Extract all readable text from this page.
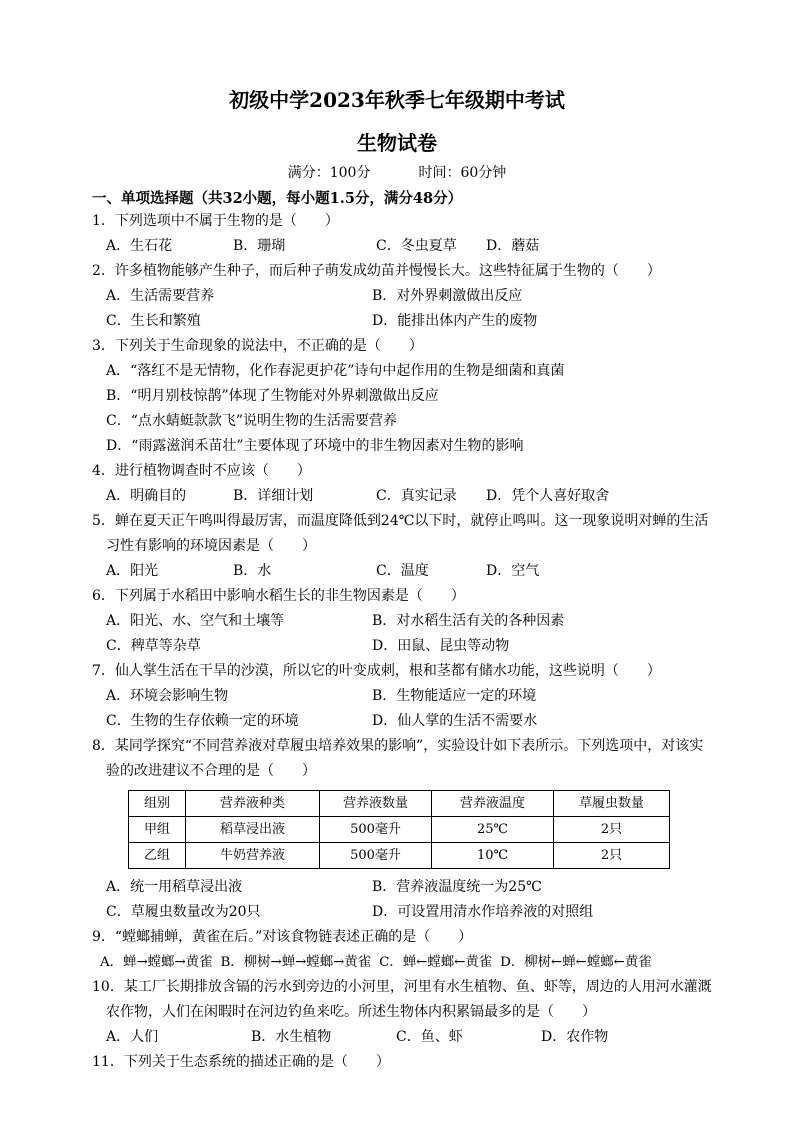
初级中学2023年秋季七年级期中考试
生物试卷
满分：100分	时间：60分钟
一、单项选择题（共32小题，每小题1.5分，满分48分）
1．下列选项中不属于生物的是（　　）
A．生石花	B．珊瑚	C．冬虫夏草	D．蘑菇
2．许多植物能够产生种子，而后种子萌发成幼苗并慢慢长大。这些特征属于生物的（　　）
A．生活需要营养	B．对外界刺激做出反应
C．生长和繁殖	D．能排出体内产生的废物
3．下列关于生命现象的说法中，不正确的是（　　）
A．“落红不是无情物，化作春泥更护花”诗句中起作用的生物是细菌和真菌
B．“明月别枝惊鹊”体现了生物能对外界刺激做出反应
C．“点水蜻蜓款款飞”说明生物的生活需要营养
D．“雨露滋润禾苗壮”主要体现了环境中的非生物因素对生物的影响
4．进行植物调查时不应该（　　）
A．明确目的	B．详细计划	C．真实记录	D．凭个人喜好取舍
5．蝉在夏天正午鸣叫得最厉害，而温度降低到24℃以下时，就停止鸣叫。这一现象说明对蝉的生活
习性有影响的环境因素是（　　）
A．阳光	B．水	C．温度	D．空气
6．下列属于水稻田中影响水稻生长的非生物因素是（　　）
A．阳光、水、空气和土壤等	B．对水稻生活有关的各种因素
C．稗草等杂草	D．田鼠、昆虫等动物
7．仙人掌生活在干旱的沙漠，所以它的叶变成刺，根和茎都有储水功能，这些说明（　　）
A．环境会影响生物	B．生物能适应一定的环境
C．生物的生存依赖一定的环境	D．仙人掌的生活不需要水
8．某同学探究“不同营养液对草履虫培养效果的影响”，实验设计如下表所示。下列选项中，对该实
验的改进建议不合理的是（　　）
组别	营养液种类	营养液数量	营养液温度	草履虫数量
甲组	稻草浸出液	500毫升	25℃	2只
乙组	牛奶营养液	500毫升	10℃	2只
A．统一用稻草浸出液	B．营养液温度统一为25℃
C．草履虫数量改为20只	D．可设置用清水作培养液的对照组
9．“螳螂捕蝉，黄雀在后。”对该食物链表述正确的是（　　）
A．蝉→螳螂→黄雀 B．柳树→蝉→螳螂→黄雀 C．蝉←螳螂←黄雀 D．柳树←蝉←螳螂←黄雀
10．某工厂长期排放含镉的污水到旁边的小河里，河里有水生植物、鱼、虾等，周边的人用河水灌溉
农作物，人们在闲暇时在河边钓鱼来吃。所述生物体内积累镉最多的是（　　）
A．人们	B．水生植物	C．鱼、虾	D．农作物
11．下列关于生态系统的描述正确的是（　　）
